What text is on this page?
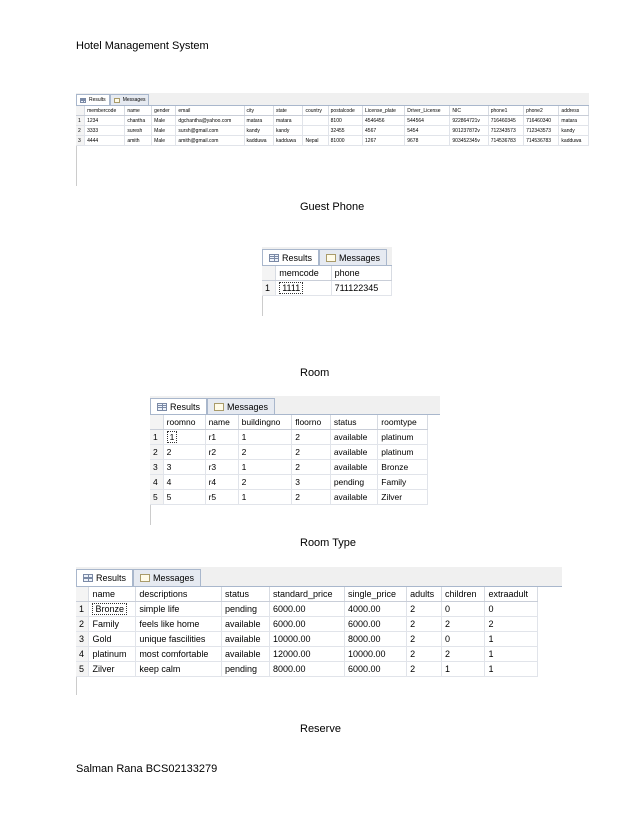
Hotel Management System
Results	Messages
	membercode	name	gender	email	city	state	country	postalcode	License_plate	Driver_License	NIC	phone1	phone2	address
1	1234	chantha	Male	dgchantha@yahoo.com	matara	matara		8100	4546456	544564	922864721v	716460345	716460340	matara
2	3333	suresh	Male	sursh@gmail.com	kandy	kandy		32455	4567	5454	901237872v	712343573	712343573	kandy
3	4444	amith	Male	amith@gmail.com	kadduwa	kadduwa	Nepal	81000	1267	9678	903452345v	714536783	714536783	kadduwa
Guest Phone
Results	Messages
	memcode	phone
1	1111	711122345
Room
Results	Messages
	roomno	name	buildingno	floorno	status	roomtype
1	1	r1	1	2	available	platinum
2	2	r2	2	2	available	platinum
3	3	r3	1	2	available	Bronze
4	4	r4	2	3	pending	Family
5	5	r5	1	2	available	Zilver
Room Type
Results	Messages
	name	descriptions	status	standard_price	single_price	adults	children	extraadult
1	Bronze	simple life	pending	6000.00	4000.00	2	0	0
2	Family	feels like home	available	6000.00	6000.00	2	2	2
3	Gold	unique fascilities	available	10000.00	8000.00	2	0	1
4	platinum	most comfortable	available	12000.00	10000.00	2	2	1
5	Zilver	keep calm	pending	8000.00	6000.00	2	1	1
Reserve
Salman Rana BCS02133279
